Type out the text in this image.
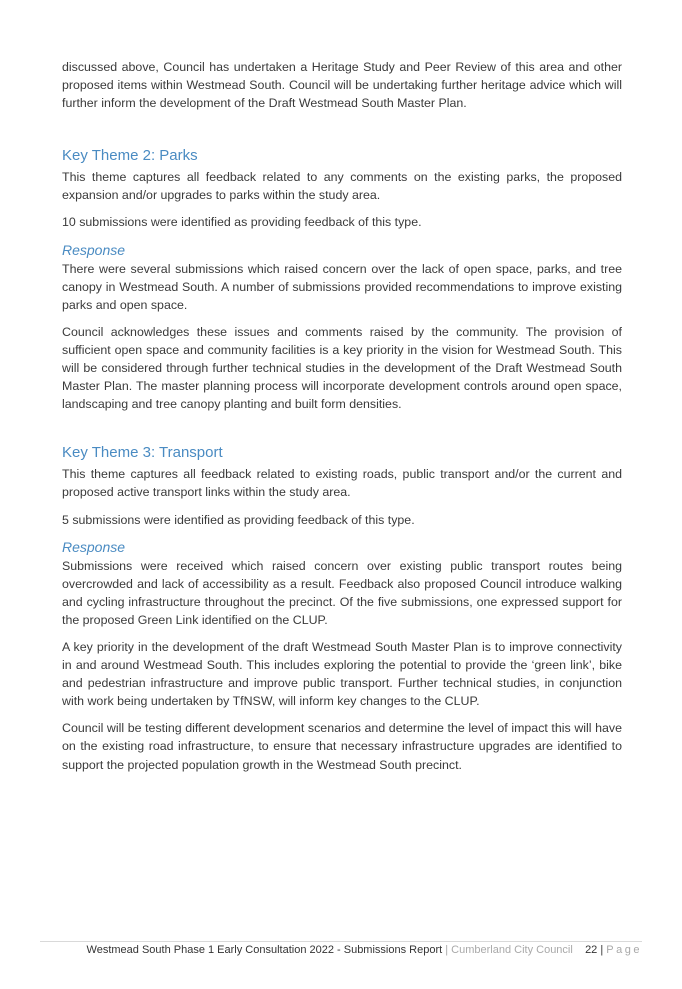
discussed above, Council has undertaken a Heritage Study and Peer Review of this area and other proposed items within Westmead South. Council will be undertaking further heritage advice which will further inform the development of the Draft Westmead South Master Plan.

Key Theme 2: Parks

This theme captures all feedback related to any comments on the existing parks, the proposed expansion and/or upgrades to parks within the study area.

10 submissions were identified as providing feedback of this type.

Response

There were several submissions which raised concern over the lack of open space, parks, and tree canopy in Westmead South. A number of submissions provided recommendations to improve existing parks and open space.

Council acknowledges these issues and comments raised by the community. The provision of sufficient open space and community facilities is a key priority in the vision for Westmead South. This will be considered through further technical studies in the development of the Draft Westmead South Master Plan. The master planning process will incorporate development controls around open space, landscaping and tree canopy planting and built form densities.

Key Theme 3: Transport

This theme captures all feedback related to existing roads, public transport and/or the current and proposed active transport links within the study area.

5 submissions were identified as providing feedback of this type.

Response

Submissions were received which raised concern over existing public transport routes being overcrowded and lack of accessibility as a result. Feedback also proposed Council introduce walking and cycling infrastructure throughout the precinct. Of the five submissions, one expressed support for the proposed Green Link identified on the CLUP.

A key priority in the development of the draft Westmead South Master Plan is to improve connectivity in and around Westmead South. This includes exploring the potential to provide the ‘green link’, bike and pedestrian infrastructure and improve public transport. Further technical studies, in conjunction with work being undertaken by TfNSW, will inform key changes to the CLUP.

Council will be testing different development scenarios and determine the level of impact this will have on the existing road infrastructure, to ensure that necessary infrastructure upgrades are identified to support the projected population growth in the Westmead South precinct.

Westmead South Phase 1 Early Consultation 2022 - Submissions Report | Cumberland City Council 22 | Page
